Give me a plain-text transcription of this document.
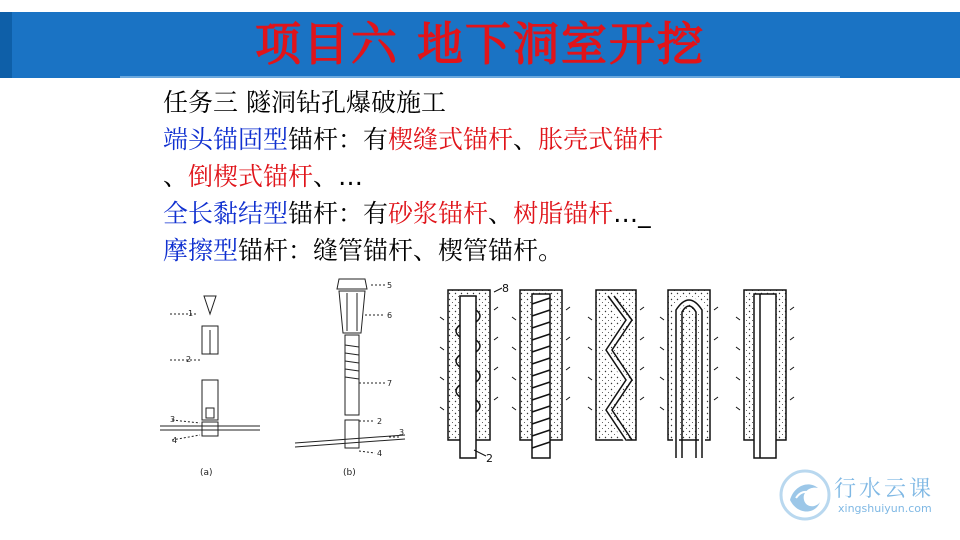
项目六 地下洞室开挖
任务三 隧洞钻孔爆破施工
端头锚固型锚杆：有楔缝式锚杆、胀壳式锚杆
、倒楔式锚杆、…
全长黏结型锚杆：有砂浆锚杆、树脂锚杆…_
摩擦型锚杆：缝管锚杆、楔管锚杆。
1
2
3
4
(a)
5
6
7
2
3
4
(b)
8
2
行水云课
xingshuiyun.com
